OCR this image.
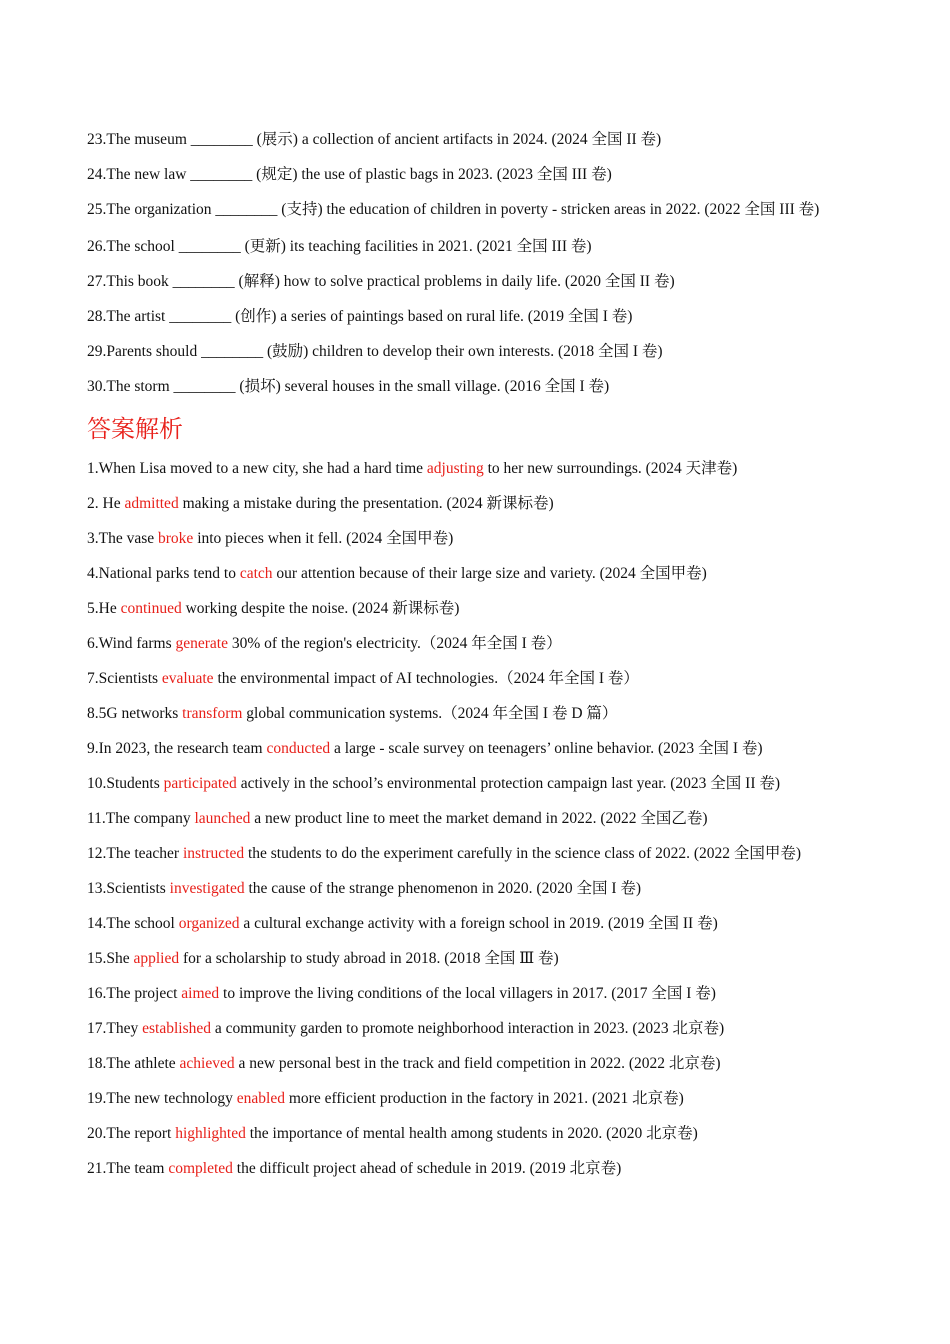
23.The museum ________ (展示) a collection of ancient artifacts in 2024. (2024 全国 II 卷)
24.The new law ________ (规定) the use of plastic bags in 2023. (2023 全国 III 卷)
25.The organization ________ (支持) the education of children in poverty - stricken areas in 2022. (2022 全国 III 卷)
26.The school ________ (更新) its teaching facilities in 2021. (2021 全国 III 卷)
27.This book ________ (解释) how to solve practical problems in daily life. (2020 全国 II 卷)
28.The artist ________ (创作) a series of paintings based on rural life. (2019 全国 I 卷)
29.Parents should ________ (鼓励) children to develop their own interests. (2018 全国 I 卷)
30.The storm ________ (损坏) several houses in the small village. (2016 全国 I 卷)
答案解析
1.When Lisa moved to a new city, she had a hard time adjusting to her new surroundings. (2024 天津卷)
2. He admitted making a mistake during the presentation. (2024 新课标卷)
3.The vase broke into pieces when it fell. (2024 全国甲卷)
4.National parks tend to catch our attention because of their large size and variety. (2024 全国甲卷)
5.He continued working despite the noise. (2024 新课标卷)
6.Wind farms generate 30% of the region's electricity.（2024 年全国 I 卷）
7.Scientists evaluate the environmental impact of AI technologies.（2024 年全国 I 卷）
8.5G networks transform global communication systems.（2024 年全国 I 卷 D 篇）
9.In 2023, the research team conducted a large - scale survey on teenagers’ online behavior. (2023 全国 I 卷)
10.Students participated actively in the school’s environmental protection campaign last year. (2023 全国 II 卷)
11.The company launched a new product line to meet the market demand in 2022. (2022 全国乙卷)
12.The teacher instructed the students to do the experiment carefully in the science class of 2022. (2022 全国甲卷)
13.Scientists investigated the cause of the strange phenomenon in 2020. (2020 全国 I 卷)
14.The school organized a cultural exchange activity with a foreign school in 2019. (2019 全国 II 卷)
15.She applied for a scholarship to study abroad in 2018. (2018 全国 Ⅲ 卷)
16.The project aimed to improve the living conditions of the local villagers in 2017. (2017 全国 I 卷)
17.They established a community garden to promote neighborhood interaction in 2023. (2023 北京卷)
18.The athlete achieved a new personal best in the track and field competition in 2022. (2022 北京卷)
19.The new technology enabled more efficient production in the factory in 2021. (2021 北京卷)
20.The report highlighted the importance of mental health among students in 2020. (2020 北京卷)
21.The team completed the difficult project ahead of schedule in 2019. (2019 北京卷)
